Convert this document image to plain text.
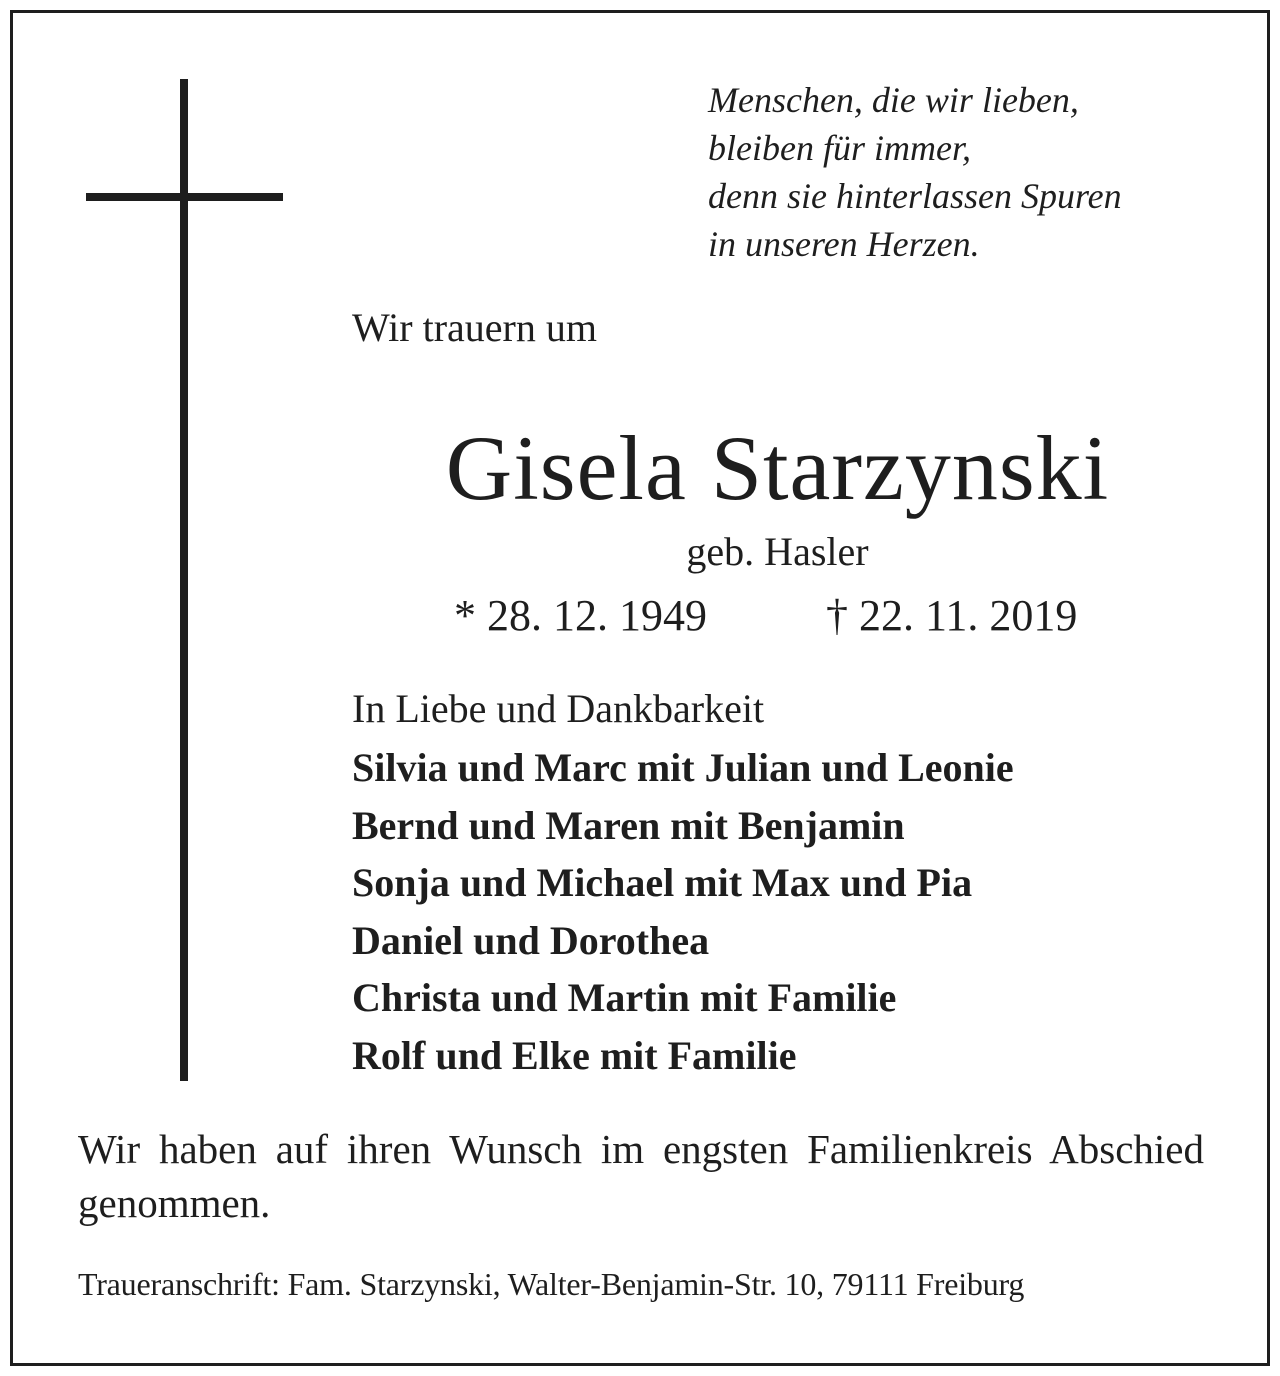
Menschen, die wir lieben,
bleiben für immer,
denn sie hinterlassen Spuren
in unseren Herzen.
Wir trauern um
Gisela Starzynski
geb. Hasler
* 28. 12. 1949	† 22. 11. 2019
In Liebe und Dankbarkeit
Silvia und Marc mit Julian und Leonie
Bernd und Maren mit Benjamin
Sonja und Michael mit Max und Pia
Daniel und Dorothea
Christa und Martin mit Familie
Rolf und Elke mit Familie
Wir haben auf ihren Wunsch im engsten Familienkreis Abschied genommen.
Traueranschrift: Fam. Starzynski, Walter-Benjamin-Str. 10, 79111 Freiburg
